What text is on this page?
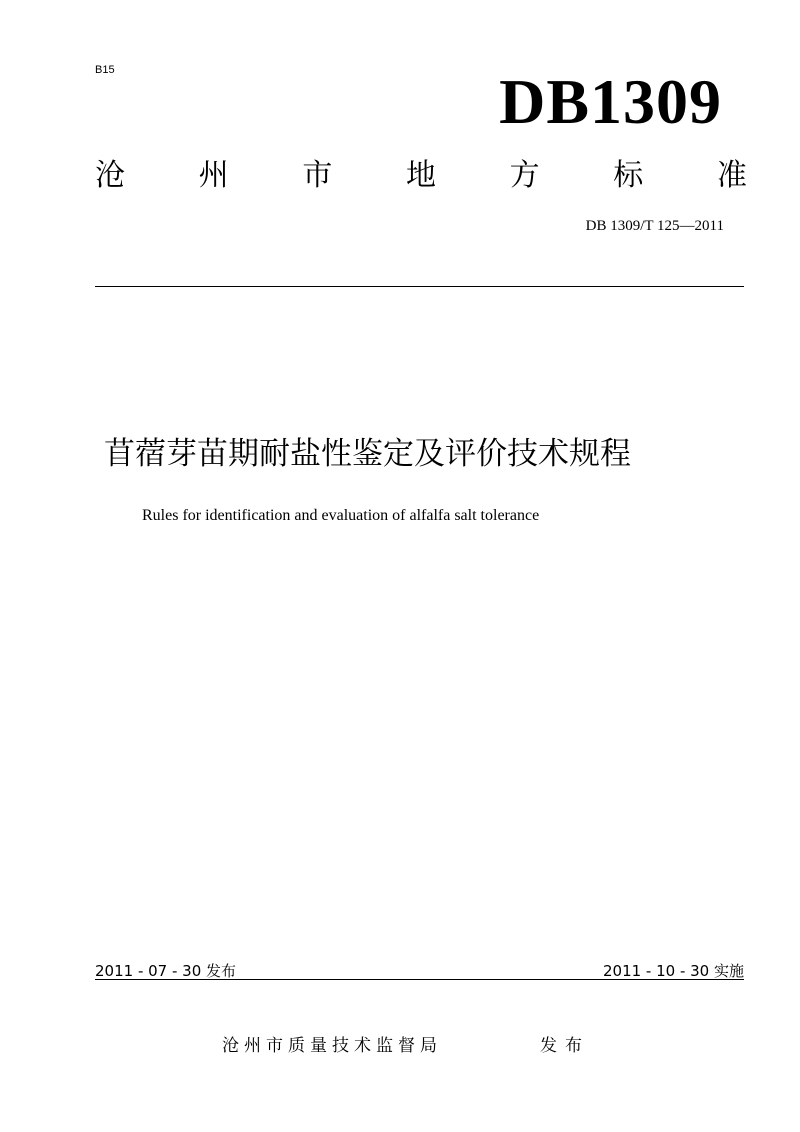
B15	DB1309
沧 州 市 地 方 标 准
DB 1309/T 125—2011
苜蓿芽苗期耐盐性鉴定及评价技术规程
Rules for identification and evaluation of alfalfa salt tolerance
2011 - 07 - 30 发布	2011 - 10 - 30 实施
沧州市质量技术监督局	发布
